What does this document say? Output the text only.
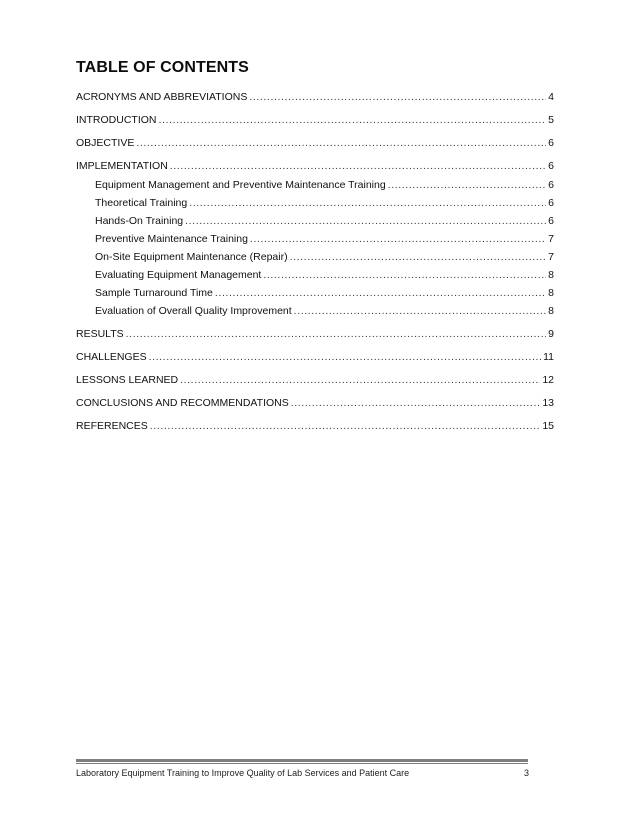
TABLE OF CONTENTS
ACRONYMS AND ABBREVIATIONS .....	4
INTRODUCTION .....	5
OBJECTIVE .....	6
IMPLEMENTATION .....	6
Equipment Management and Preventive Maintenance Training .....	6
Theoretical Training .....	6
Hands-On Training .....	6
Preventive Maintenance Training .....	7
On-Site Equipment Maintenance (Repair) .....	7
Evaluating Equipment Management .....	8
Sample Turnaround Time .....	8
Evaluation of Overall Quality Improvement .....	8
RESULTS .....	9
CHALLENGES .....	11
LESSONS LEARNED .....	12
CONCLUSIONS AND RECOMMENDATIONS .....	13
REFERENCES .....	15
Laboratory Equipment Training to Improve Quality of Lab Services and Patient Care	3
